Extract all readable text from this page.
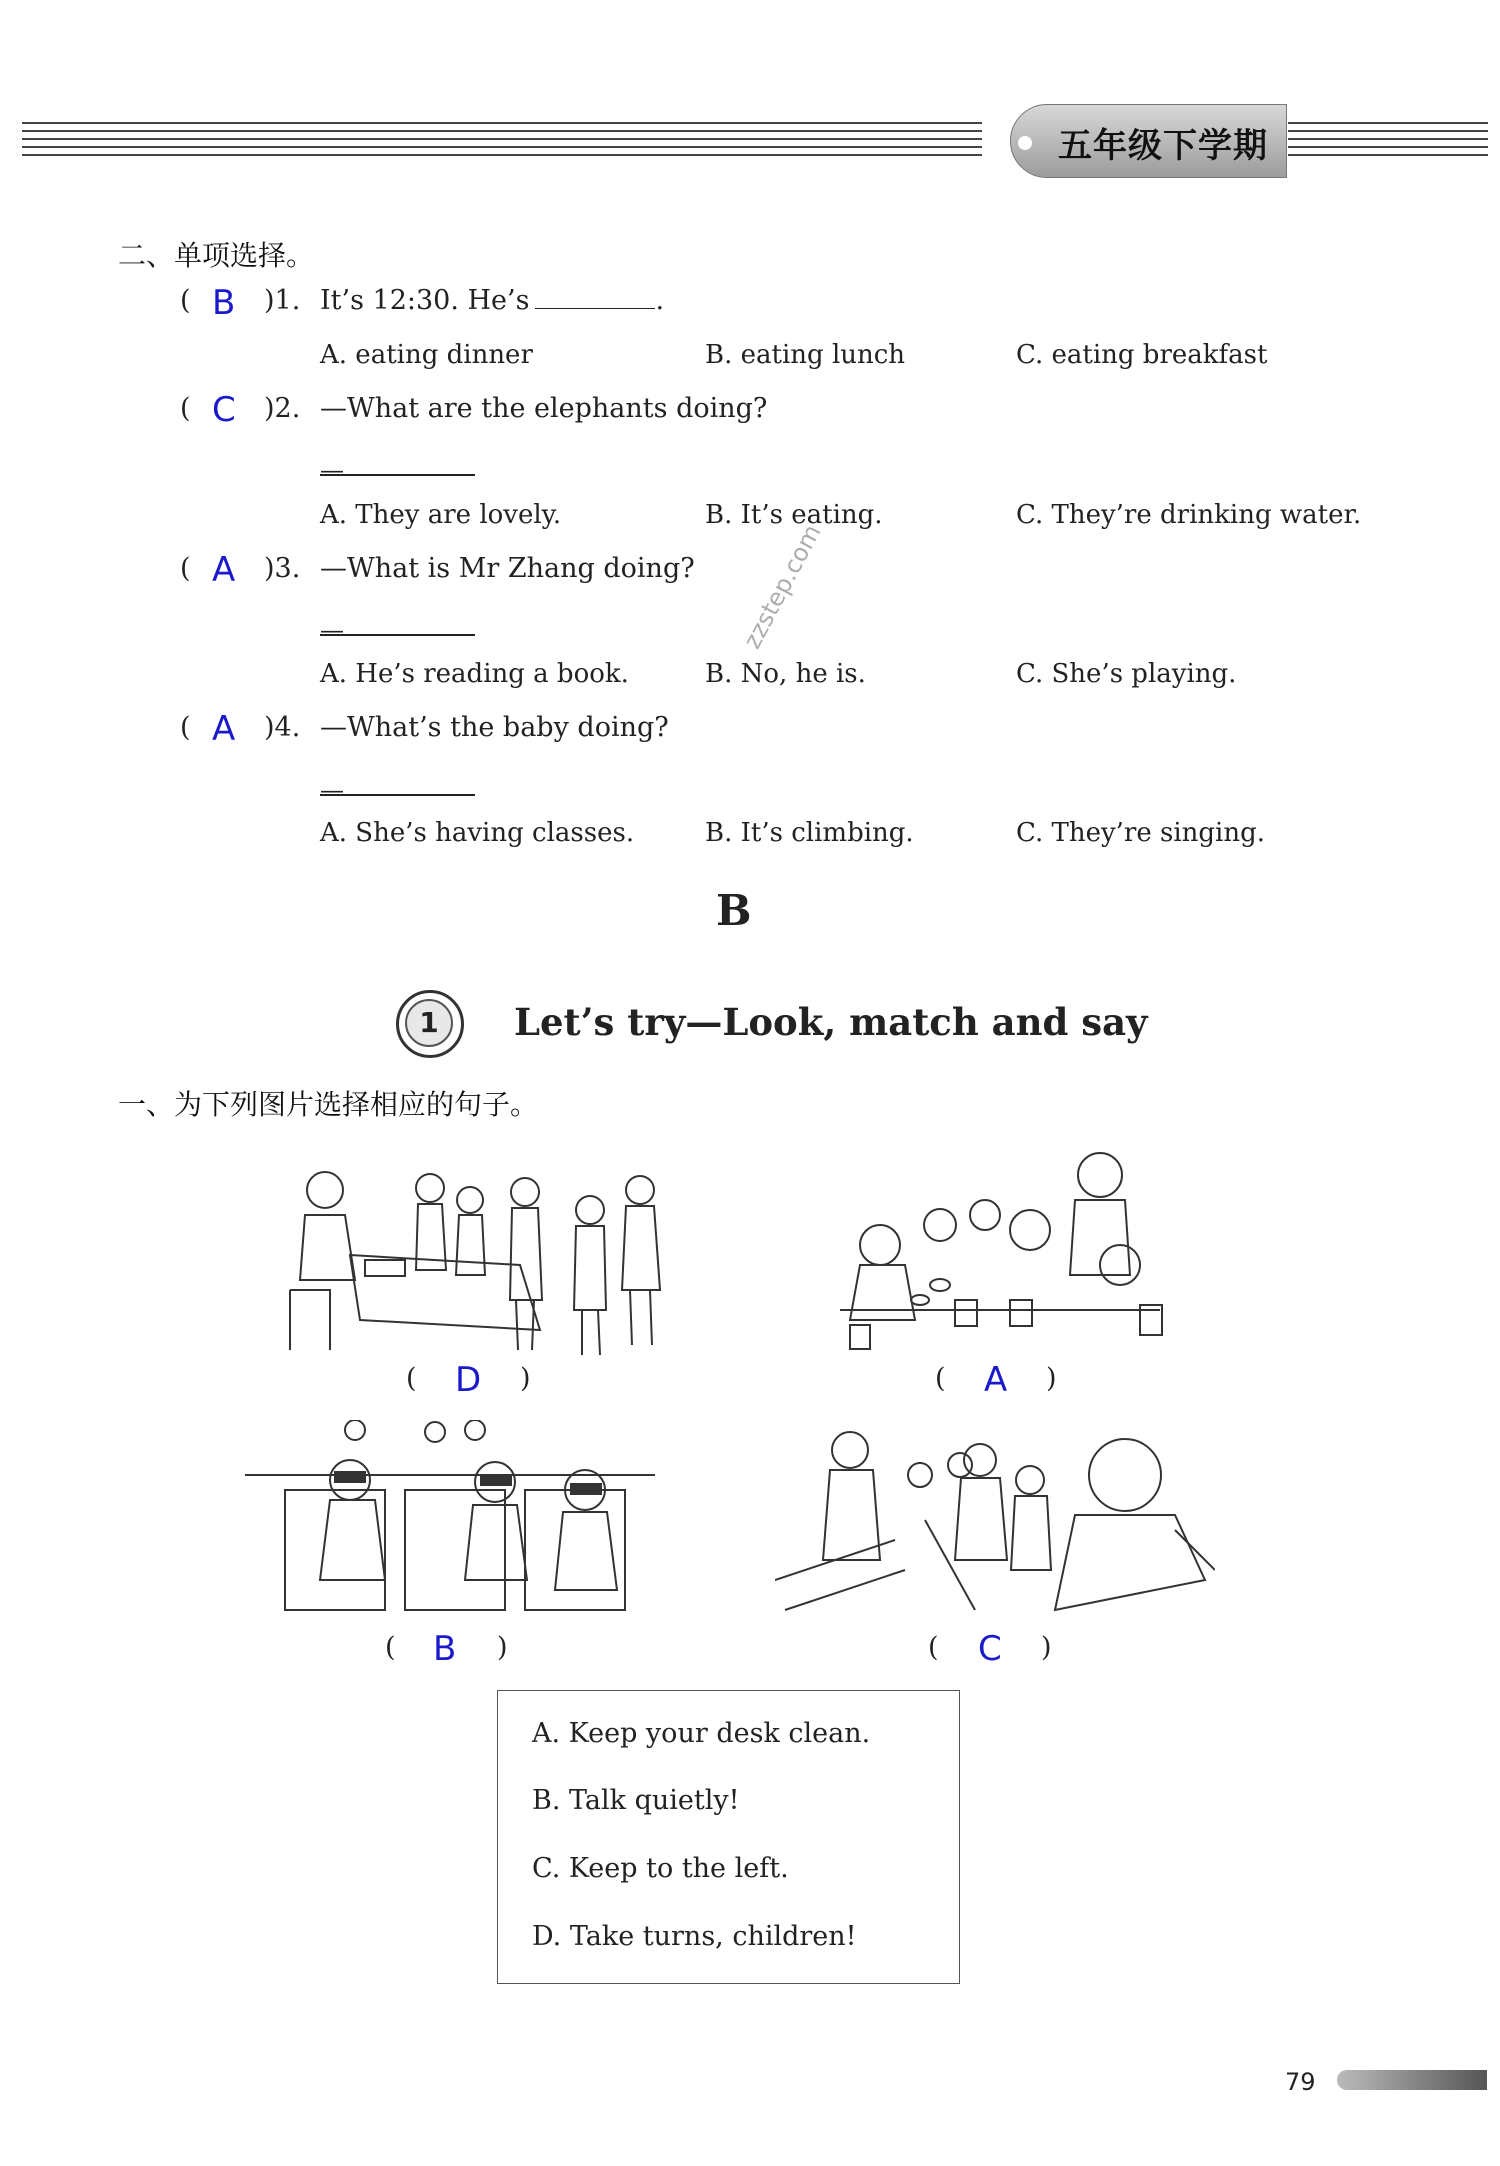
五年级下学期
二、单项选择。
( B )1. It’s 12:30. He’s	.
A. eating dinner	B. eating lunch	C. eating breakfast
( C )2. —What are the elephants doing?
—
A. They are lovely.	B. It’s eating.	C. They’re drinking water.
( A )3. —What is Mr Zhang doing?
—
A. He’s reading a book.	B. No, he is.	C. She’s playing.
( A )4. —What’s the baby doing?
—
A. She’s having classes.	B. It’s climbing.	C. They’re singing.
zzstep.com
B
1	Let’s try—Look, match and say
一、为下列图片选择相应的句子。
( D )	( A )
( B )	( C )
A. Keep your desk clean.
B. Talk quietly!
C. Keep to the left.
D. Take turns, children!
79
